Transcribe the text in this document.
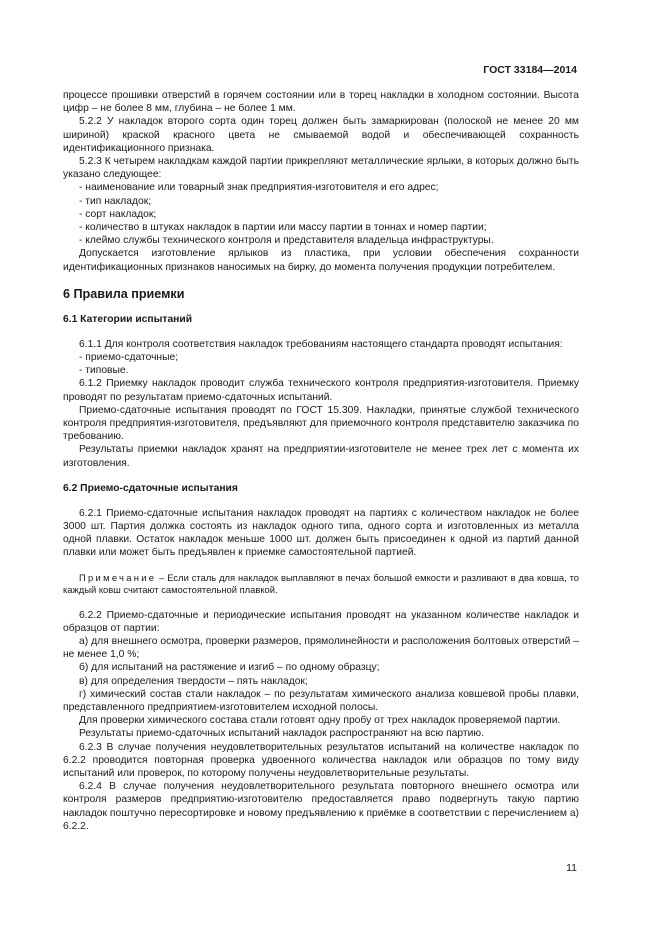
ГОСТ 33184—2014

процессе прошивки отверстий в горячем состоянии или в торец накладки в холодном состоянии. Высота цифр – не более 8 мм, глубина – не более 1 мм.

5.2.2 У накладок второго сорта один торец должен быть замаркирован (полоской не менее 20 мм шириной) краской красного цвета не смываемой водой и обеспечивающей сохранность идентификационного признака.

5.2.3 К четырем накладкам каждой партии прикрепляют металлические ярлыки, в которых должно быть указано следующее:

- наименование или товарный знак предприятия-изготовителя и его адрес;

- тип накладок;

- сорт накладок;

- количество в штуках накладок в партии или массу партии в тоннах и номер партии;

- клеймо службы технического контроля и представителя владельца инфраструктуры.

Допускается изготовление ярлыков из пластика, при условии обеспечения сохранности идентификационных признаков наносимых на бирку, до момента получения продукции потребителем.

6 Правила приемки
6.1 Категории испытаний

6.1.1 Для контроля соответствия накладок требованиям настоящего стандарта проводят испытания:

- приемо-сдаточные;

- типовые.

6.1.2 Приемку накладок проводит служба технического контроля предприятия-изготовителя. Приемку проводят по результатам приемо-сдаточных испытаний.

Приемо-сдаточные испытания проводят по ГОСТ 15.309. Накладки, принятые службой технического контроля предприятия-изготовителя, предъявляют для приемочного контроля представителю заказчика по требованию.

Результаты приемки накладок хранят на предприятии-изготовителе не менее трех лет с момента их изготовления.

6.2 Приемо-сдаточные испытания

6.2.1 Приемо-сдаточные испытания накладок проводят на партиях с количеством накладок не более 3000 шт. Партия должка состоять из накладок одного типа, одного сорта и изготовленных из металла одной плавки. Остаток накладок меньше 1000 шт. должен быть присоединен к одной из партий данной плавки или может быть предъявлен к приемке самостоятельной партией.

Примечание – Если сталь для накладок выплавляют в печах большой емкости и разливают в два ковша, то каждый ковш считают самостоятельной плавкой.

6.2.2 Приемо-сдаточные и периодические испытания проводят на указанном количестве накладок и образцов от партии:

а) для внешнего осмотра, проверки размеров, прямолинейности и расположения болтовых отверстий – не менее 1,0 %;

б) для испытаний на растяжение и изгиб – по одному образцу;

в) для определения твердости – пять накладок;

г) химический состав стали накладок – по результатам химического анализа ковшевой пробы плавки, представленного предприятием-изготовителем исходной полосы.

Для проверки химического состава стали готовят одну пробу от трех накладок проверяемой партии.

Результаты приемо-сдаточных испытаний накладок распространяют на всю партию.

6.2.3 В случае получения неудовлетворительных результатов испытаний на количестве накладок по 6.2.2 проводится повторная проверка удвоенного количества накладок или образцов по тому виду испытаний или проверок, по которому получены неудовлетворительные результаты.

6.2.4 В случае получения неудовлетворительного результата повторного внешнего осмотра или контроля размеров предприятию-изготовителю предоставляется право подвергнуть такую партию накладок поштучно пересортировке и новому предъявлению к приёмке в соответствии с перечислением а) 6.2.2.

11
